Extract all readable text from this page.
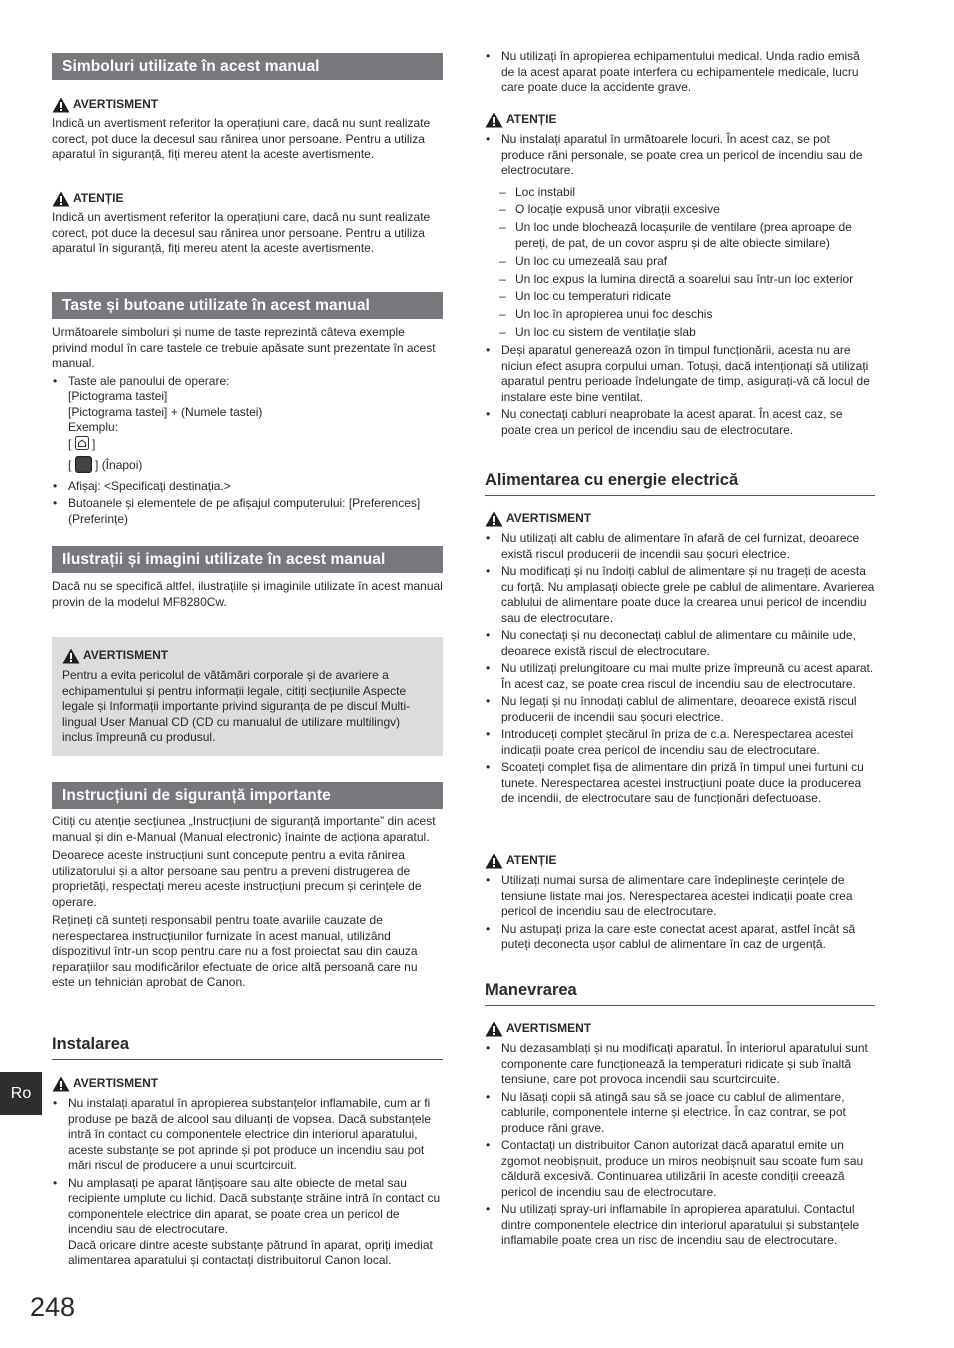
Simboluri utilizate în acest manual
AVERTISMENT

Indică un avertisment referitor la operațiuni care, dacă nu sunt realizate corect, pot duce la decesul sau rănirea unor persoane. Pentru a utiliza aparatul în siguranță, fiți mereu atent la aceste avertismente.

ATENȚIE

Indică un avertisment referitor la operațiuni care, dacă nu sunt realizate corect, pot duce la decesul sau rănirea unor persoane. Pentru a utiliza aparatul în siguranță, fiți mereu atent la aceste avertismente.

Taste și butoane utilizate în acest manual

Următoarele simboluri și nume de taste reprezintă câteva exemple privind modul în care tastele ce trebuie apăsate sunt prezentate în acest manual.

• Taste ale panoului de operare:
[Pictograma tastei]
[Pictograma tastei] + (Numele tastei)
Exemplu:
[  ]
[  ] (Înapoi)
• Afișaj: <Specificați destinația.>
• Butoanele și elementele de pe afișajul computerului: [Preferences] (Preferințe)
Ilustrații și imagini utilizate în acest manual

Dacă nu se specifică altfel, ilustrațiile și imaginile utilizate în acest manual provin de la modelul MF8280Cw.

AVERTISMENT

Pentru a evita pericolul de vătămări corporale și de avariere a echipamentului și pentru informații legale, citiți secțiunile Aspecte legale și Informații importante privind siguranța de pe discul Multi-lingual User Manual CD (CD cu manualul de utilizare multilingv) inclus împreună cu produsul.

Instrucțiuni de siguranță importante

Citiți cu atenție secțiunea „Instrucțiuni de siguranță importante” din acest manual și din e-Manual (Manual electronic) înainte de acționa aparatul.

Deoarece aceste instrucțiuni sunt concepute pentru a evita rănirea utilizatorului și a altor persoane sau pentru a preveni distrugerea de proprietăți, respectați mereu aceste instrucțiuni precum și cerințele de operare.

Rețineți că sunteți responsabil pentru toate avariile cauzate de nerespectarea instrucțiunilor furnizate în acest manual, utilizând dispozitivul într-un scop pentru care nu a fost proiectat sau din cauza reparațiilor sau modificărilor efectuate de orice altă persoană care nu este un tehnician aprobat de Canon.

Instalarea
AVERTISMENT
• Nu instalați aparatul în apropierea substanțelor inflamabile, cum ar fi produse pe bază de alcool sau diluanți de vopsea. Dacă substanțele intră în contact cu componentele electrice din interiorul aparatului, aceste substanțe se pot aprinde și pot produce un incendiu sau pot mări riscul de producere a unui scurtcircuit.
• Nu amplasați pe aparat lănțișoare sau alte obiecte de metal sau recipiente umplute cu lichid. Dacă substanțe străine intră în contact cu componentele electrice din aparat, se poate crea un pericol de incendiu sau de electrocutare.
Dacă oricare dintre aceste substanțe pătrund în aparat, opriți imediat alimentarea aparatului și contactați distribuitorul Canon local.
• Nu utilizați în apropierea echipamentului medical. Unda radio emisă de la acest aparat poate interfera cu echipamentele medicale, lucru care poate duce la accidente grave.
ATENȚIE
• Nu instalați aparatul în următoarele locuri. În acest caz, se pot produce răni personale, se poate crea un pericol de incendiu sau de electrocutare.
– Loc instabil
– O locație expusă unor vibrații excesive
– Un loc unde blochează locașurile de ventilare (prea aproape de pereți, de pat, de un covor aspru și de alte obiecte similare)
– Un loc cu umezeală sau praf
– Un loc expus la lumina directă a soarelui sau într-un loc exterior
– Un loc cu temperaturi ridicate
– Un loc în apropierea unui foc deschis
– Un loc cu sistem de ventilație slab
• Deși aparatul generează ozon în timpul funcționării, acesta nu are niciun efect asupra corpului uman. Totuși, dacă intenționați să utilizați aparatul pentru perioade îndelungate de timp, asigurați-vă că locul de instalare este bine ventilat.
• Nu conectați cabluri neaprobate la acest aparat. În acest caz, se poate crea un pericol de incendiu sau de electrocutare.
Alimentarea cu energie electrică
AVERTISMENT
• Nu utilizați alt cablu de alimentare în afară de cel furnizat, deoarece există riscul producerii de incendii sau șocuri electrice.
• Nu modificați și nu îndoiți cablul de alimentare și nu trageți de acesta cu forță. Nu amplasați obiecte grele pe cablul de alimentare. Avarierea cablului de alimentare poate duce la crearea unui pericol de incendiu sau de electrocutare.
• Nu conectați și nu deconectați cablul de alimentare cu mâinile ude, deoarece există riscul de electrocutare.
• Nu utilizați prelungitoare cu mai multe prize împreună cu acest aparat. În acest caz, se poate crea riscul de incendiu sau de electrocutare.
• Nu legați și nu înnodați cablul de alimentare, deoarece există riscul producerii de incendii sau șocuri electrice.
• Introduceți complet ștecărul în priza de c.a. Nerespectarea acestei indicații poate crea pericol de incendiu sau de electrocutare.
• Scoateți complet fișa de alimentare din priză în timpul unei furtuni cu tunete. Nerespectarea acestei instrucțiuni poate duce la producerea de incendii, de electrocutare sau de funcționări defectuoase.
ATENȚIE
• Utilizați numai sursa de alimentare care îndeplinește cerințele de tensiune listate mai jos. Nerespectarea acestei indicații poate crea pericol de incendiu sau de electrocutare.
• Nu astupați priza la care este conectat acest aparat, astfel încât să puteți deconecta ușor cablul de alimentare în caz de urgență.
Manevrarea
AVERTISMENT
• Nu dezasamblați și nu modificați aparatul. În interiorul aparatului sunt componente care funcționează la temperaturi ridicate și sub înaltă tensiune, care pot provoca incendii sau scurtcircuite.
• Nu lăsați copii să atingă sau să se joace cu cablul de alimentare, cablurile, componentele interne și electrice. În caz contrar, se pot produce răni grave.
• Contactați un distribuitor Canon autorizat dacă aparatul emite un zgomot neobișnuit, produce un miros neobișnuit sau scoate fum sau căldură excesivă. Continuarea utilizării în aceste condiții creează pericol de incendiu sau de electrocutare.
• Nu utilizați spray-uri inflamabile în apropierea aparatului. Contactul dintre componentele electrice din interiorul aparatului și substanțele inflamabile poate crea un risc de incendiu sau de electrocutare.
Ro
248
